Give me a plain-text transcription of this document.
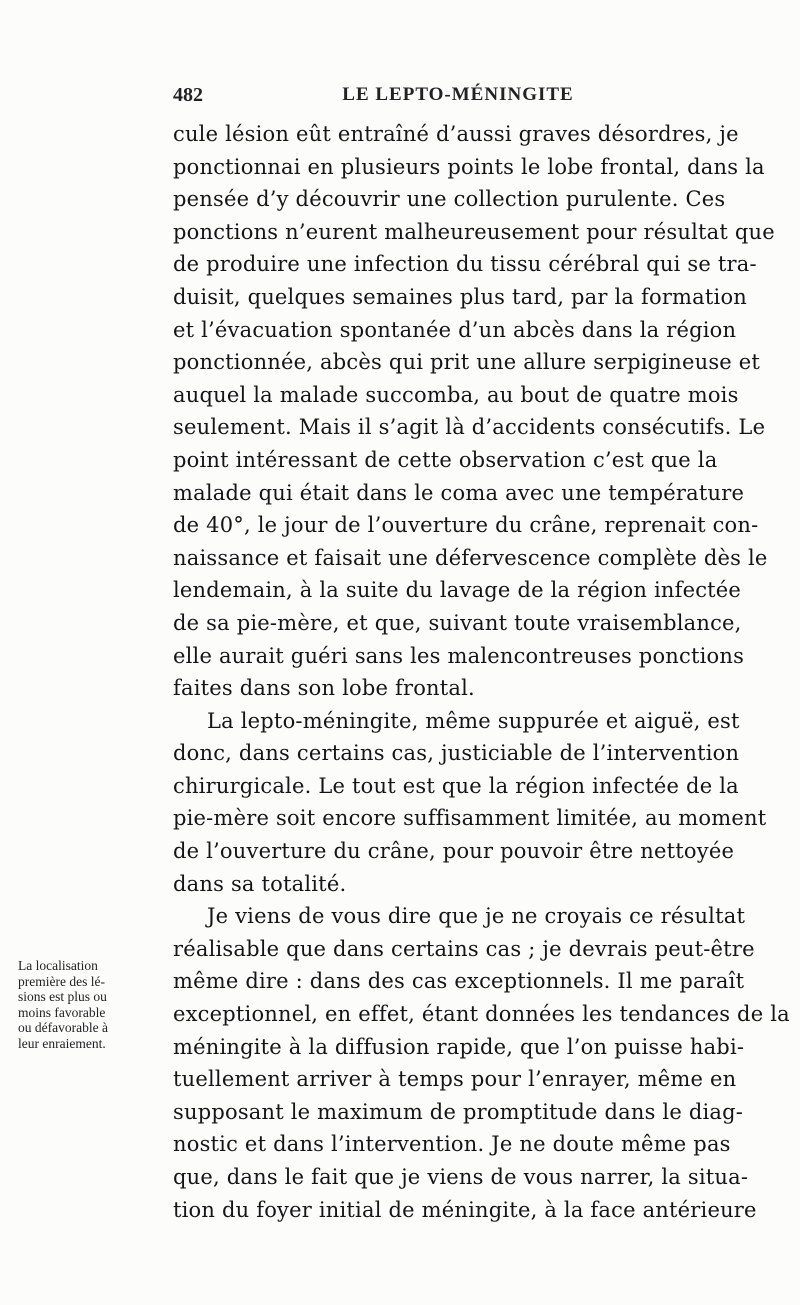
482	LE LEPTO-MÉNINGITE
cule lésion eût entraîné d’aussi graves désordres, je
ponctionnai en plusieurs points le lobe frontal, dans la
pensée d’y découvrir une collection purulente. Ces
ponctions n’eurent malheureusement pour résultat que
de produire une infection du tissu cérébral qui se tra-
duisit, quelques semaines plus tard, par la formation
et l’évacuation spontanée d’un abcès dans la région
ponctionnée, abcès qui prit une allure serpigineuse et
auquel la malade succomba, au bout de quatre mois
seulement. Mais il s’agit là d’accidents consécutifs. Le
point intéressant de cette observation c’est que la
malade qui était dans le coma avec une température
de 40°, le jour de l’ouverture du crâne, reprenait con-
naissance et faisait une défervescence complète dès le
lendemain, à la suite du lavage de la région infectée
de sa pie-mère, et que, suivant toute vraisemblance,
elle aurait guéri sans les malencontreuses ponctions
faites dans son lobe frontal.
La lepto-méningite, même suppurée et aiguë, est
donc, dans certains cas, justiciable de l’intervention
chirurgicale. Le tout est que la région infectée de la
pie-mère soit encore suffisamment limitée, au moment
de l’ouverture du crâne, pour pouvoir être nettoyée
dans sa totalité.
Je viens de vous dire que je ne croyais ce résultat
réalisable que dans certains cas ; je devrais peut-être
même dire : dans des cas exceptionnels. Il me paraît
exceptionnel, en effet, étant données les tendances de la
méningite à la diffusion rapide, que l’on puisse habi-
tuellement arriver à temps pour l’enrayer, même en
supposant le maximum de promptitude dans le diag-
nostic et dans l’intervention. Je ne doute même pas
que, dans le fait que je viens de vous narrer, la situa-
tion du foyer initial de méningite, à la face antérieure
La localisation
première des lé-
sions est plus ou
moins favorable
ou défavorable à
leur enraiement.
